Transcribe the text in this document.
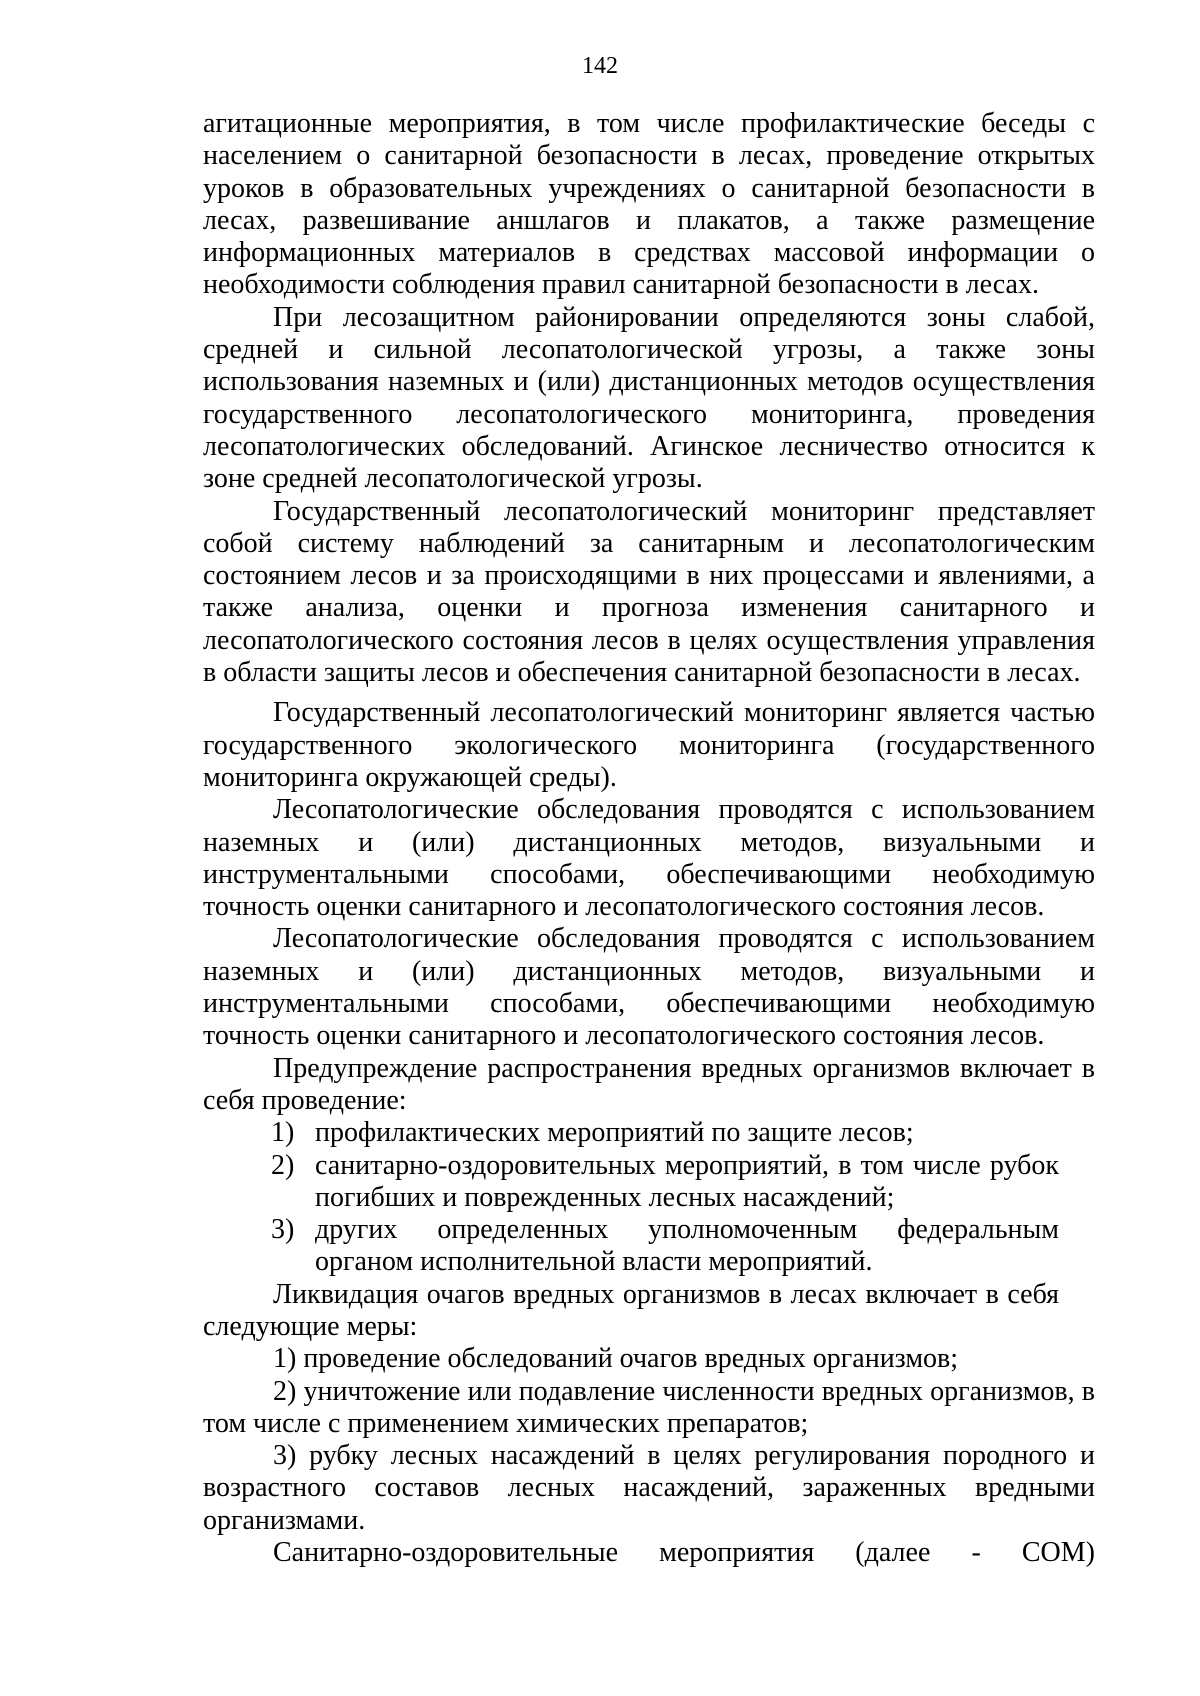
142

агитационные мероприятия, в том числе профилактические беседы с населением о санитарной безопасности в лесах, проведение открытых уроков в образовательных учреждениях о санитарной безопасности в лесах, развешивание аншлагов и плакатов, а также размещение информационных материалов в средствах массовой информации о необходимости соблюдения правил санитарной безопасности в лесах.

При лесозащитном районировании определяются зоны слабой, средней и сильной лесопатологической угрозы, а также зоны использования наземных и (или) дистанционных методов осуществления государственного лесопатологического мониторинга, проведения лесопатологических обследований. Агинское лесничество относится к зоне средней лесопатологической угрозы.

Государственный лесопатологический мониторинг представляет собой систему наблюдений за санитарным и лесопатологическим состоянием лесов и за происходящими в них процессами и явлениями, а также анализа, оценки и прогноза изменения санитарного и лесопатологического состояния лесов в целях осуществления управления в области защиты лесов и обеспечения санитарной безопасности в лесах.

Государственный лесопатологический мониторинг является частью государственного экологического мониторинга (государственного мониторинга окружающей среды).

Лесопатологические обследования проводятся с использованием наземных и (или) дистанционных методов, визуальными и инструментальными способами, обеспечивающими необходимую точность оценки санитарного и лесопатологического состояния лесов.

Лесопатологические обследования проводятся с использованием наземных и (или) дистанционных методов, визуальными и инструментальными способами, обеспечивающими необходимую точность оценки санитарного и лесопатологического состояния лесов.

Предупреждение распространения вредных организмов включает в себя проведение:

1) профилактических мероприятий по защите лесов;

2) санитарно-оздоровительных мероприятий, в том числе рубок погибших и поврежденных лесных насаждений;

3) других определенных уполномоченным федеральным органом исполнительной власти мероприятий.

Ликвидация очагов вредных организмов в лесах включает в себя следующие меры:

1) проведение обследований очагов вредных организмов;

2) уничтожение или подавление численности вредных организмов, в том числе с применением химических препаратов;

3) рубку лесных насаждений в целях регулирования породного и возрастного составов лесных насаждений, зараженных вредными организмами.

Санитарно-оздоровительные мероприятия (далее - СОМ)
